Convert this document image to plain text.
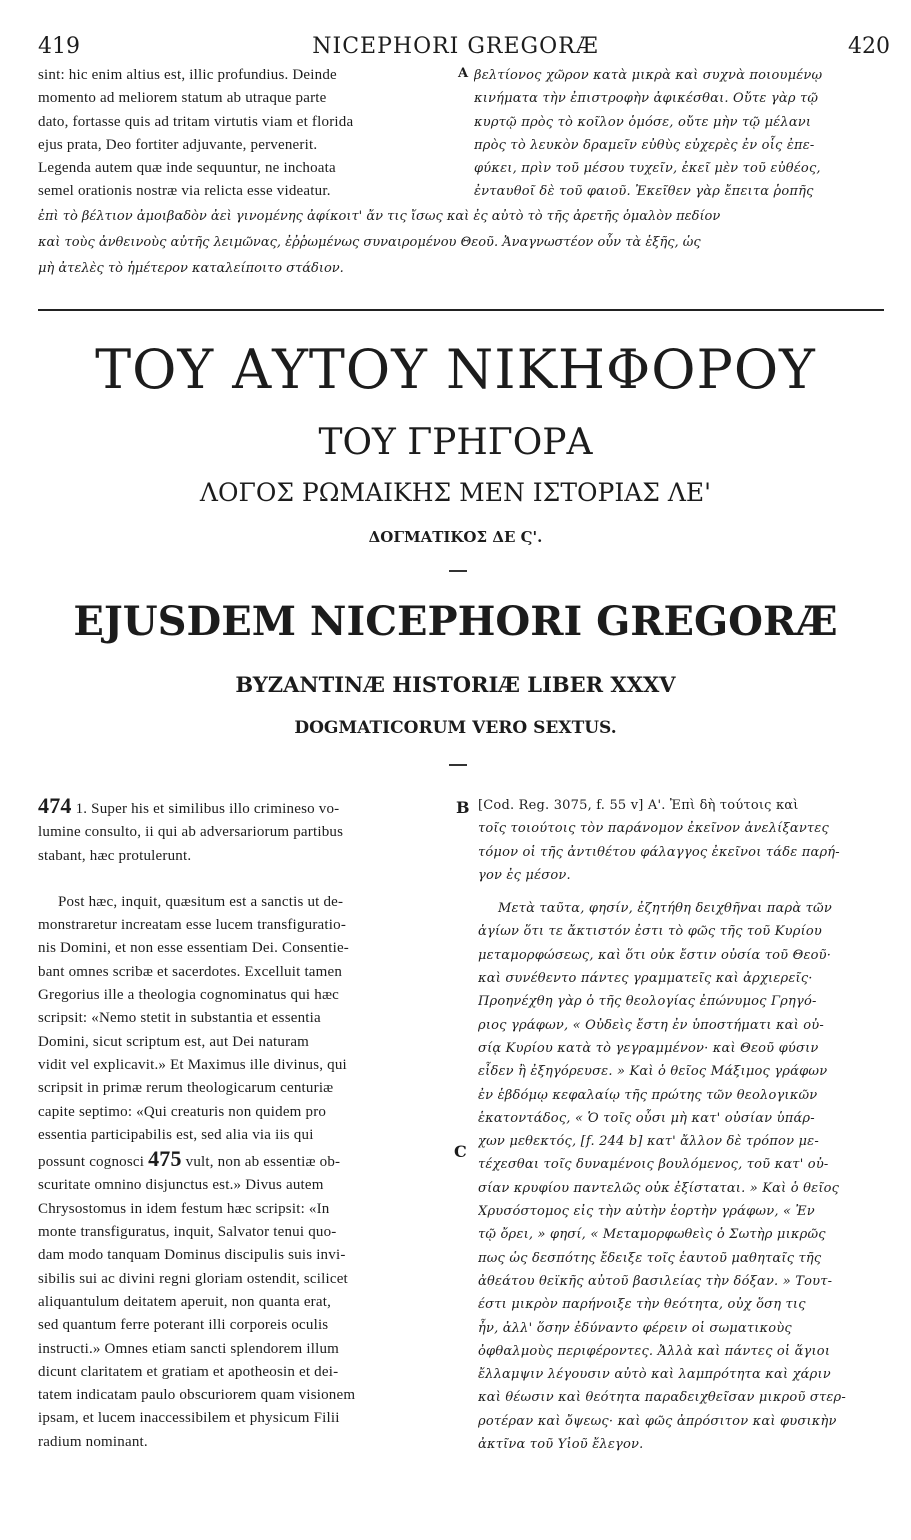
419	NICEPHORI GREGORÆ	420
sint: hic enim altius est, illic profundius. Deinde
momento ad meliorem statum ab utraque parte
dato, fortasse quis ad tritam virtutis viam et florida
ejus prata, Deo fortiter adjuvante, pervenerit.
Legenda autem quæ inde sequuntur, ne inchoata
semel orationis nostræ via relicta esse videatur.
A βελτίονος χῶρον κατὰ μικρὰ καὶ συχνὰ ποιουμένῳ
κινήματα τὴν ἐπιστροφὴν ἀφικέσθαι. Οὔτε γὰρ τῷ
κυρτῷ πρὸς τὸ κοῖλον ὁμόσε, οὔτε μὴν τῷ μέλανι
πρὸς τὸ λευκὸν δραμεῖν εὐθὺς εὐχερὲς ἐν οἷς ἐπε-
φύκει, πρὶν τοῦ μέσου τυχεῖν, ἐκεῖ μὲν τοῦ εὐθέος,
ἐνταυθοῖ δὲ τοῦ φαιοῦ. Ἐκεῖθεν γὰρ ἔπειτα ῥοπῆς
ἐπὶ τὸ βέλτιον ἀμοιβαδὸν ἀεὶ γινομένης ἀφίκοιτ' ἄν τις ἴσως καὶ ἐς αὐτὸ τὸ τῆς ἀρετῆς ὁμαλὸν πεδίον
καὶ τοὺς ἀνθεινοὺς αὐτῆς λειμῶνας, ἐῤῥωμένως συναιρομένου Θεοῦ. Ἀναγνωστέον οὖν τὰ ἑξῆς, ὡς
μὴ ἀτελὲς τὸ ἡμέτερον καταλείποιτο στάδιον.
ΤΟΥ ΑΥΤΟΥ ΝΙΚΗΦΟΡΟΥ
ΤΟΥ ΓΡΗΓΟΡΑ
ΛΟΓΟΣ ΡΩΜΑΙΚΗΣ ΜΕΝ ΙΣΤΟΡΙΑΣ ΛΕ'
ΔΟΓΜΑΤΙΚΟΣ ΔΕ Ϛ'.
EJUSDEM NICEPHORI GREGORÆ
BYZANTINÆ HISTORIÆ LIBER XXXV
DOGMATICORUM VERO SEXTUS.
474 1. Super his et similibus illo crimineso vo-
lumine consulto, ii qui ab adversariorum partibus
stabant, hæc protulerunt.
Post hæc, inquit, quæsitum est a sanctis ut de-
monstraretur increatam esse lucem transfiguratio-
nis Domini, et non esse essentiam Dei. Consentie-
bant omnes scribæ et sacerdotes. Excelluit tamen
Gregorius ille a theologia cognominatus qui hæc
scripsit: «Nemo stetit in substantia et essentia
Domini, sicut scriptum est, aut Dei naturam
vidit vel explicavit.» Et Maximus ille divinus, qui
scripsit in primæ rerum theologicarum centuriæ
capite septimo: «Qui creaturis non quidem pro
essentia participabilis est, sed alia via iis qui
possunt cognosci 475 vult, non ab essentiæ ob-
scuritate omnino disjunctus est.» Divus autem
Chrysostomus in idem festum hæc scripsit: «In
monte transfiguratus, inquit, Salvator tenui quo-
dam modo tanquam Dominus discipulis suis invi-
sibilis sui ac divini regni gloriam ostendit, scilicet
aliquantulum deitatem aperuit, non quanta erat,
sed quantum ferre poterant illi corporeis oculis
instructi.» Omnes etiam sancti splendorem illum
dicunt claritatem et gratiam et apotheosin et dei-
tatem indicatam paulo obscuriorem quam visionem
ipsam, et lucem inaccessibilem et physicum Filii
radium nominant.
B
C
[Cod. Reg. 3075, f. 55 v] Α'. Ἐπὶ δὴ τούτοις καὶ
τοῖς τοιούτοις τὸν παράνομον ἐκεῖνον ἀνελίξαντες
τόμον οἱ τῆς ἀντιθέτου φάλαγγος ἐκεῖνοι τάδε παρή-
γον ἐς μέσον.
Μετὰ ταῦτα, φησίν, ἐζητήθη δειχθῆναι παρὰ τῶν
ἁγίων ὅτι τε ἄκτιστόν ἐστι τὸ φῶς τῆς τοῦ Κυρίου
μεταμορφώσεως, καὶ ὅτι οὐκ ἔστιν οὐσία τοῦ Θεοῦ·
καὶ συνέθεντο πάντες γραμματεῖς καὶ ἀρχιερεῖς·
Προηνέχθη γὰρ ὁ τῆς θεολογίας ἐπώνυμος Γρηγό-
ριος γράφων, « Οὐδεὶς ἔστη ἐν ὑποστήματι καὶ οὐ-
σίᾳ Κυρίου κατὰ τὸ γεγραμμένον· καὶ Θεοῦ φύσιν
εἶδεν ἢ ἐξηγόρευσε. » Καὶ ὁ θεῖος Μάξιμος γράφων
ἐν ἑβδόμῳ κεφαλαίῳ τῆς πρώτης τῶν θεολογικῶν
ἑκατοντάδος, « Ὁ τοῖς οὖσι μὴ κατ' οὐσίαν ὑπάρ-
χων μεθεκτός, [f. 244 b] κατ' ἄλλον δὲ τρόπον με-
τέχεσθαι τοῖς δυναμένοις βουλόμενος, τοῦ κατ' οὐ-
σίαν κρυφίου παντελῶς οὐκ ἐξίσταται. » Καὶ ὁ θεῖος
Χρυσόστομος εἰς τὴν αὐτὴν ἑορτὴν γράφων, « Ἐν
τῷ ὄρει, » φησί, « Μεταμορφωθεὶς ὁ Σωτὴρ μικρῶς
πως ὡς δεσπότης ἔδειξε τοῖς ἑαυτοῦ μαθηταῖς τῆς
ἀθεάτου θεϊκῆς αὐτοῦ βασιλείας τὴν δόξαν. » Τουτ-
έστι μικρὸν παρήνοιξε τὴν θεότητα, οὐχ ὅση τις
ἦν, ἀλλ' ὅσην ἐδύναντο φέρειν οἱ σωματικοὺς
ὀφθαλμοὺς περιφέροντες. Ἀλλὰ καὶ πάντες οἱ ἅγιοι
ἔλλαμψιν λέγουσιν αὐτὸ καὶ λαμπρότητα καὶ χάριν
καὶ θέωσιν καὶ θεότητα παραδειχθεῖσαν μικροῦ στερ-
ροτέραν καὶ ὄψεως· καὶ φῶς ἀπρόσιτον καὶ φυσικὴν
ἀκτῖνα τοῦ Υἱοῦ ἔλεγον.
